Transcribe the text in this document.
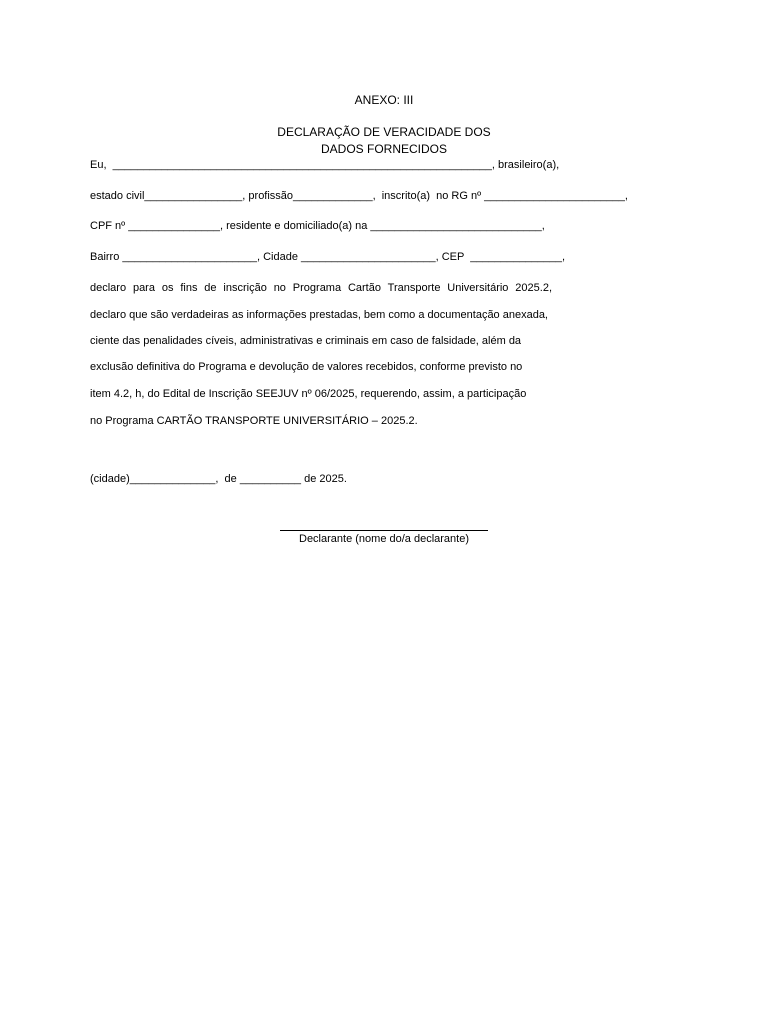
ANEXO: III
DECLARAÇÃO DE VERACIDADE DOS
DADOS FORNECIDOS
Eu,  ______________________________________________________________, brasileiro(a),
estado civil________________, profissão_____________,  inscrito(a)  no RG nº _______________________,
CPF nº _______________, residente e domiciliado(a) na ____________________________,
Bairro ______________________, Cidade ______________________, CEP  _______________,
declaro para os fins de inscrição no Programa Cartão Transporte Universitário 2025.2,
declaro que são verdadeiras as informações prestadas, bem como a documentação anexada,
ciente das penalidades cíveis, administrativas e criminais em caso de falsidade, além da
exclusão definitiva do Programa e devolução de valores recebidos, conforme previsto no
item 4.2, h, do Edital de Inscrição SEEJUV nº 06/2025, requerendo, assim, a participação
no Programa CARTÃO TRANSPORTE UNIVERSITÁRIO – 2025.2.
(cidade)______________,  de __________ de 2025.
Declarante (nome do/a declarante)
